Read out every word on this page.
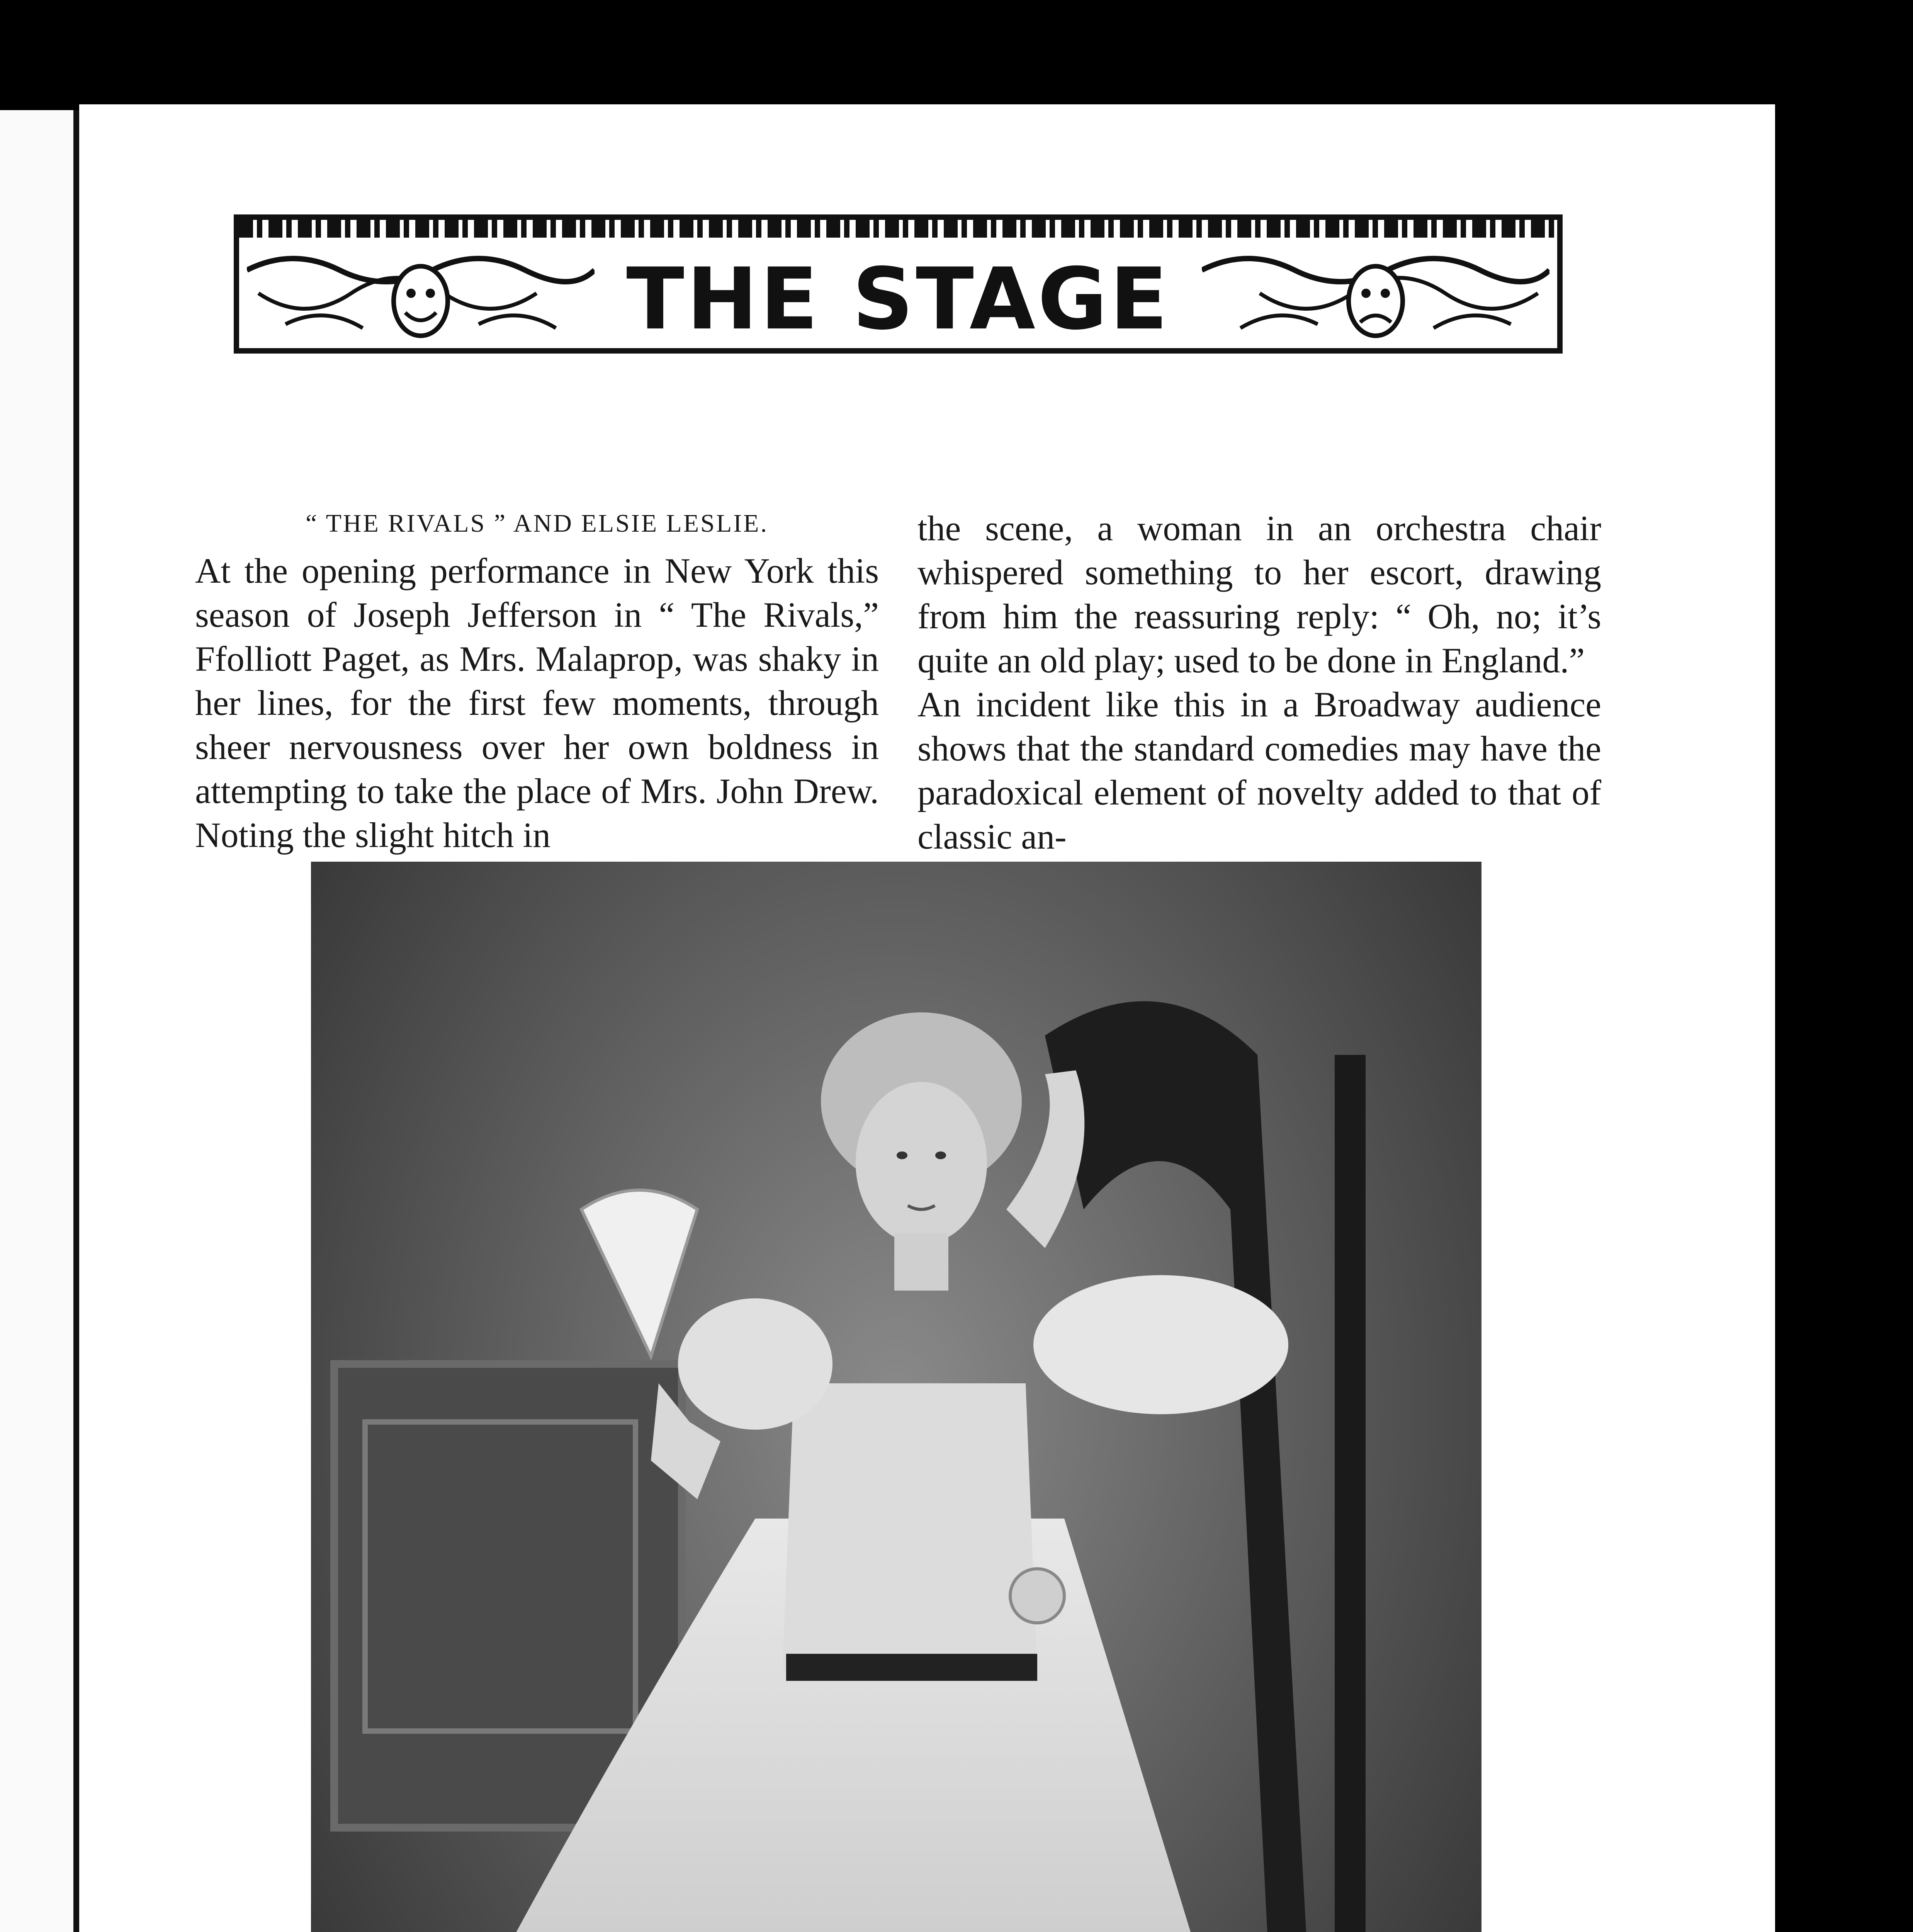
THE STAGE
“ THE RIVALS ” AND ELSIE LESLIE.

At the opening performance in New York this season of Joseph Jefferson in “ The Rivals,” Ffolliott Paget, as Mrs. Malaprop, was shaky in her lines, for the first few moments, through sheer nervousness over her own boldness in attempting to take the place of Mrs. John Drew. Noting the slight hitch in

the scene, a woman in an orchestra chair whispered something to her escort, drawing from him the reassuring reply: “ Oh, no; it’s quite an old play; used to be done in England.”

An incident like this in a Broadway audience shows that the standard comedies may have the paradoxical element of novelty added to that of classic an-
